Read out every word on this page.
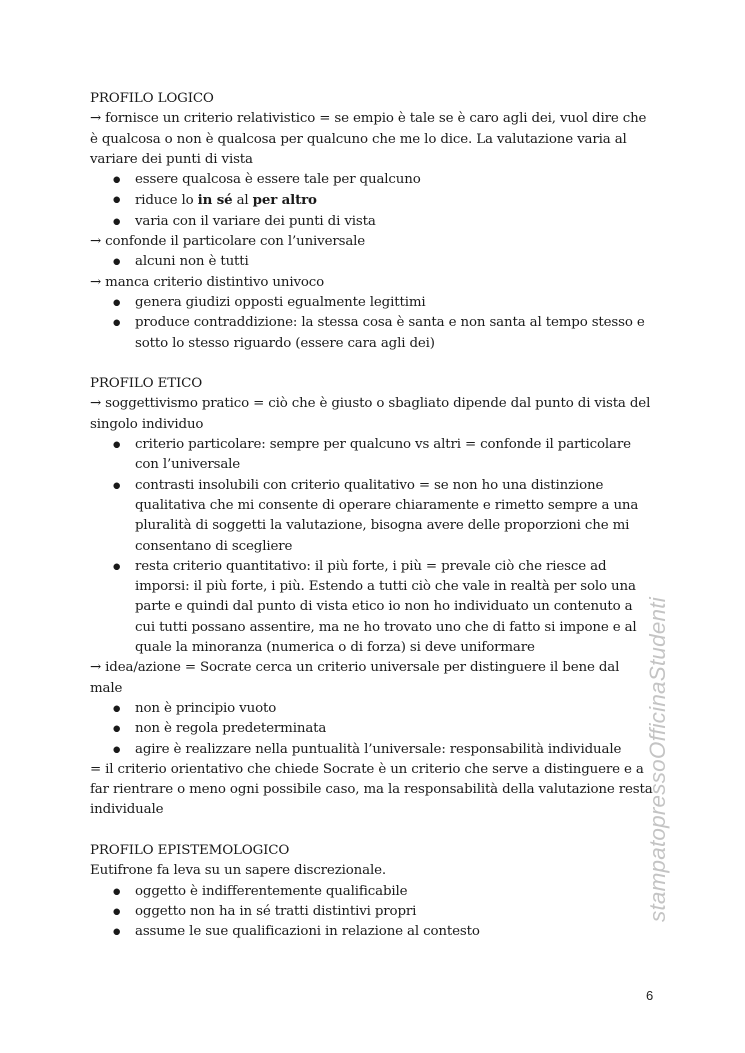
PROFILO LOGICO

→ fornisce un criterio relativistico = se empio è tale se è caro agli dei, vuol dire che è qualcosa o non è qualcosa per qualcuno che me lo dice. La valutazione varia al variare dei punti di vista

● essere qualcosa è essere tale per qualcuno
● riduce lo in sé al per altro
● varia con il variare dei punti di vista

→ confonde il particolare con l’universale

● alcuni non è tutti

→ manca criterio distintivo univoco

● genera giudizi opposti egualmente legittimi
● produce contraddizione: la stessa cosa è santa e non santa al tempo stesso e sotto lo stesso riguardo (essere cara agli dei)

PROFILO ETICO

→ soggettivismo pratico = ciò che è giusto o sbagliato dipende dal punto di vista del singolo individuo

● criterio particolare: sempre per qualcuno vs altri = confonde il particolare con l’universale
● contrasti insolubili con criterio qualitativo = se non ho una distinzione qualitativa che mi consente di operare chiaramente e rimetto sempre a una pluralità di soggetti la valutazione, bisogna avere delle proporzioni che mi consentano di scegliere
● resta criterio quantitativo: il più forte, i più = prevale ciò che riesce ad imporsi: il più forte, i più. Estendo a tutti ciò che vale in realtà per solo una parte e quindi dal punto di vista etico io non ho individuato un contenuto a cui tutti possano assentire, ma ne ho trovato uno che di fatto si impone e al quale la minoranza (numerica o di forza) si deve uniformare

→ idea/azione = Socrate cerca un criterio universale per distinguere il bene dal male

● non è principio vuoto
● non è regola predeterminata
● agire è realizzare nella puntualità l’universale: responsabilità individuale

= il criterio orientativo che chiede Socrate è un criterio che serve a distinguere e a far rientrare o meno ogni possibile caso, ma la responsabilità della valutazione resta individuale

PROFILO EPISTEMOLOGICO

Eutifrone fa leva su un sapere discrezionale.

● oggetto è indifferentemente qualificabile
● oggetto non ha in sé tratti distintivi propri
● assume le sue qualificazioni in relazione al contesto
stampatopressoOfficinaStudenti
6
